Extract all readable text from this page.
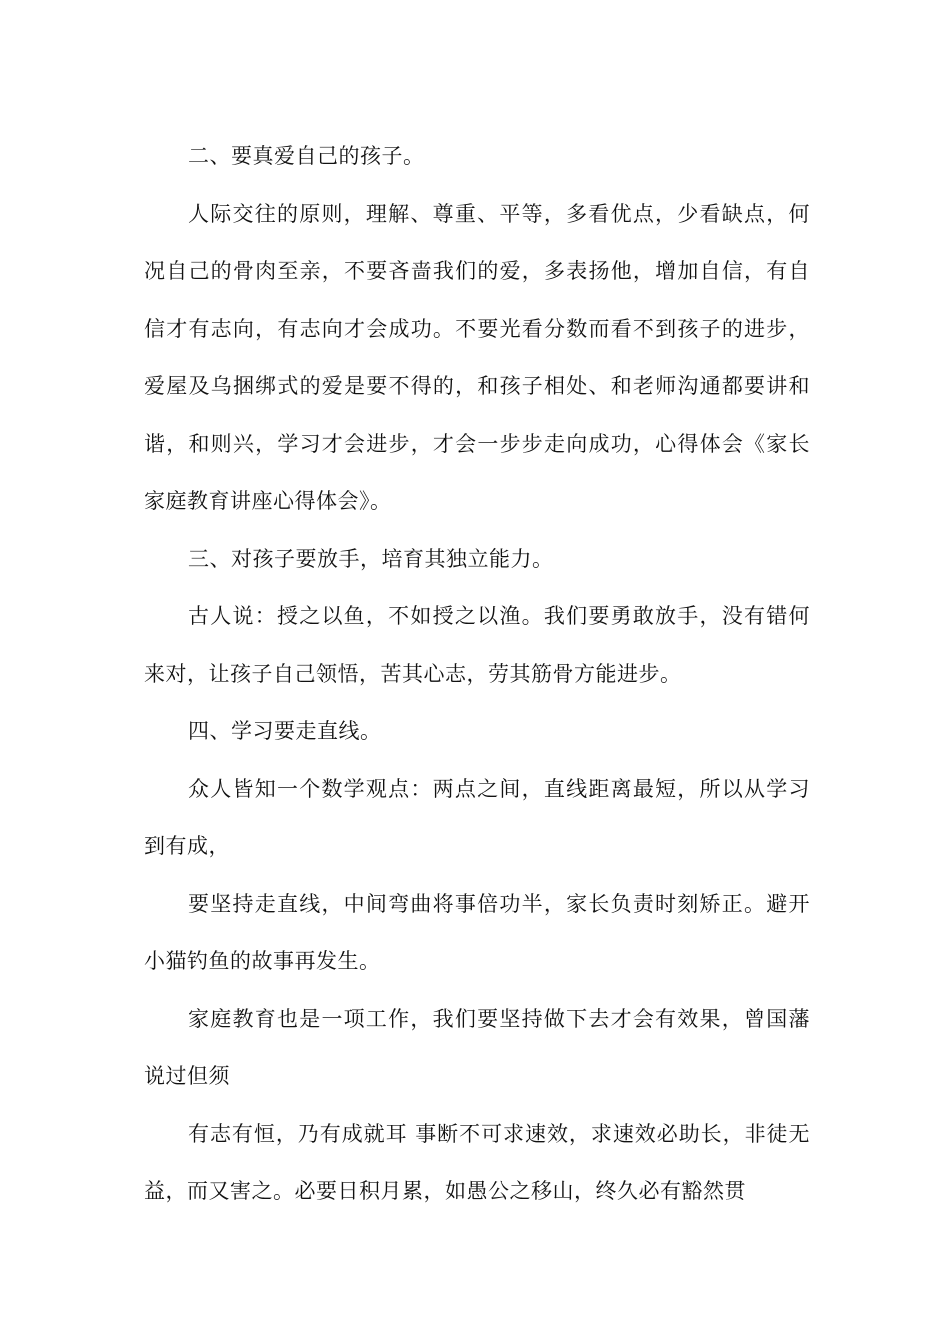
二、要真爱自己的孩子。

人际交往的原则，理解、尊重、平等，多看优点，少看缺点，何况自己的骨肉至亲，不要吝啬我们的爱，多表扬他，增加自信，有自信才有志向，有志向才会成功。不要光看分数而看不到孩子的进步，爱屋及乌捆绑式的爱是要不得的，和孩子相处、和老师沟通都要讲和谐，和则兴，学习才会进步，才会一步步走向成功，心得体会《家长家庭教育讲座心得体会》。

三、对孩子要放手，培育其独立能力。

古人说：授之以鱼，不如授之以渔。我们要勇敢放手，没有错何来对，让孩子自己领悟，苦其心志，劳其筋骨方能进步。

四、学习要走直线。

众人皆知一个数学观点：两点之间，直线距离最短，所以从学习到有成，

要坚持走直线，中间弯曲将事倍功半，家长负责时刻矫正。避开小猫钓鱼的故事再发生。

家庭教育也是一项工作，我们要坚持做下去才会有效果，曾国藩说过但须

有志有恒，乃有成就耳 事断不可求速效，求速效必助长，非徒无益，而又害之。必要日积月累，如愚公之移山，终久必有豁然贯
